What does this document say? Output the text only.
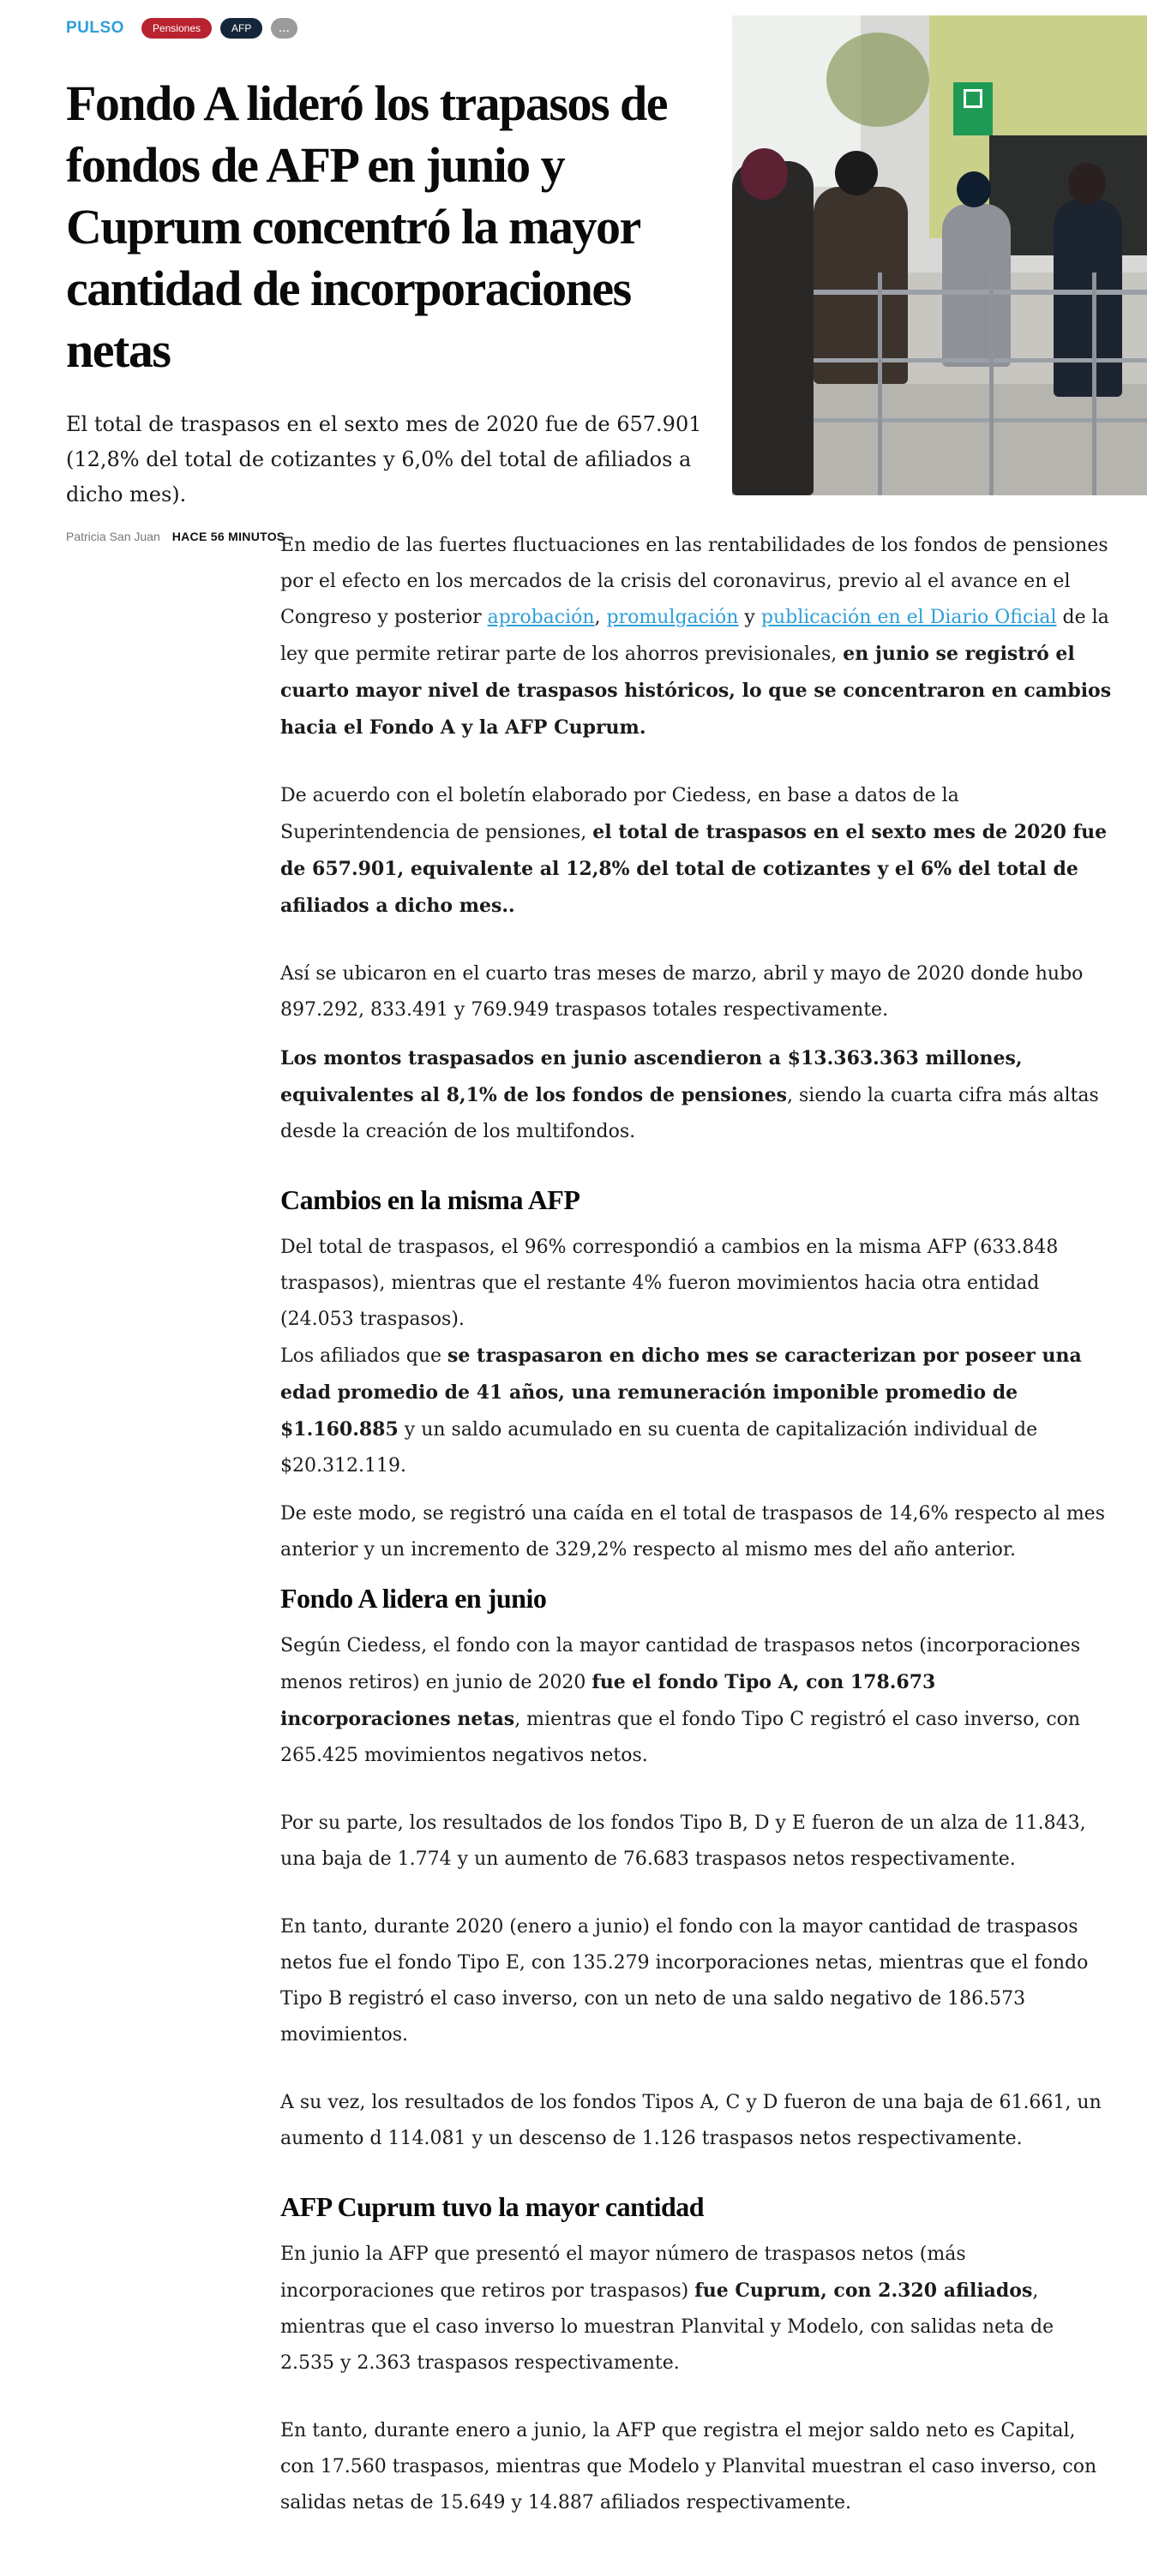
PULSO	Pensiones	AFP	...
Fondo A lideró los trapasos de fondos de AFP en junio y Cuprum concentró la mayor cantidad de incorporaciones netas

El total de traspasos en el sexto mes de 2020 fue de 657.901 (12,8% del total de cotizantes y 6,0% del total de afiliados a dicho mes).

Patricia San Juan HACE 56 MINUTOS

En medio de las fuertes fluctuaciones en las rentabilidades de los fondos de pensiones por el efecto en los mercados de la crisis del coronavirus, previo al el avance en el Congreso y posterior aprobación, promulgación y publicación en el Diario Oficial de la ley que permite retirar parte de los ahorros previsionales, en junio se registró el cuarto mayor nivel de traspasos históricos, lo que se concentraron en cambios hacia el Fondo A y la AFP Cuprum.

De acuerdo con el boletín elaborado por Ciedess, en base a datos de la Superintendencia de pensiones, el total de traspasos en el sexto mes de 2020 fue de 657.901, equivalente al 12,8% del total de cotizantes y el 6% del total de afiliados a dicho mes..

Así se ubicaron en el cuarto tras meses de marzo, abril y mayo de 2020 donde hubo 897.292, 833.491 y 769.949 traspasos totales respectivamente.

Los montos traspasados en junio ascendieron a $13.363.363 millones, equivalentes al 8,1% de los fondos de pensiones, siendo la cuarta cifra más altas desde la creación de los multifondos.

Cambios en la misma AFP

Del total de traspasos, el 96% correspondió a cambios en la misma AFP (633.848 traspasos), mientras que el restante 4% fueron movimientos hacia otra entidad (24.053 traspasos).

Los afiliados que se traspasaron en dicho mes se caracterizan por poseer una edad promedio de 41 años, una remuneración imponible promedio de $1.160.885 y un saldo acumulado en su cuenta de capitalización individual de $20.312.119.

De este modo, se registró una caída en el total de traspasos de 14,6% respecto al mes anterior y un incremento de 329,2% respecto al mismo mes del año anterior.

Fondo A lidera en junio

Según Ciedess, el fondo con la mayor cantidad de traspasos netos (incorporaciones menos retiros) en junio de 2020 fue el fondo Tipo A, con 178.673 incorporaciones netas, mientras que el fondo Tipo C registró el caso inverso, con 265.425 movimientos negativos netos.

Por su parte, los resultados de los fondos Tipo B, D y E fueron de un alza de 11.843, una baja de 1.774 y un aumento de 76.683 traspasos netos respectivamente.

En tanto, durante 2020 (enero a junio) el fondo con la mayor cantidad de traspasos netos fue el fondo Tipo E, con 135.279 incorporaciones netas, mientras que el fondo Tipo B registró el caso inverso, con un neto de una saldo negativo de 186.573 movimientos.

A su vez, los resultados de los fondos Tipos A, C y D fueron de una baja de 61.661, un aumento d 114.081 y un descenso de 1.126 traspasos netos respectivamente.

AFP Cuprum tuvo la mayor cantidad

En junio la AFP que presentó el mayor número de traspasos netos (más incorporaciones que retiros por traspasos) fue Cuprum, con 2.320 afiliados, mientras que el caso inverso lo muestran Planvital y Modelo, con salidas neta de 2.535 y 2.363 traspasos respectivamente.

En tanto, durante enero a junio, la AFP que registra el mejor saldo neto es Capital, con 17.560 traspasos, mientras que Modelo y Planvital muestran el caso inverso, con salidas netas de 15.649 y 14.887 afiliados respectivamente.
